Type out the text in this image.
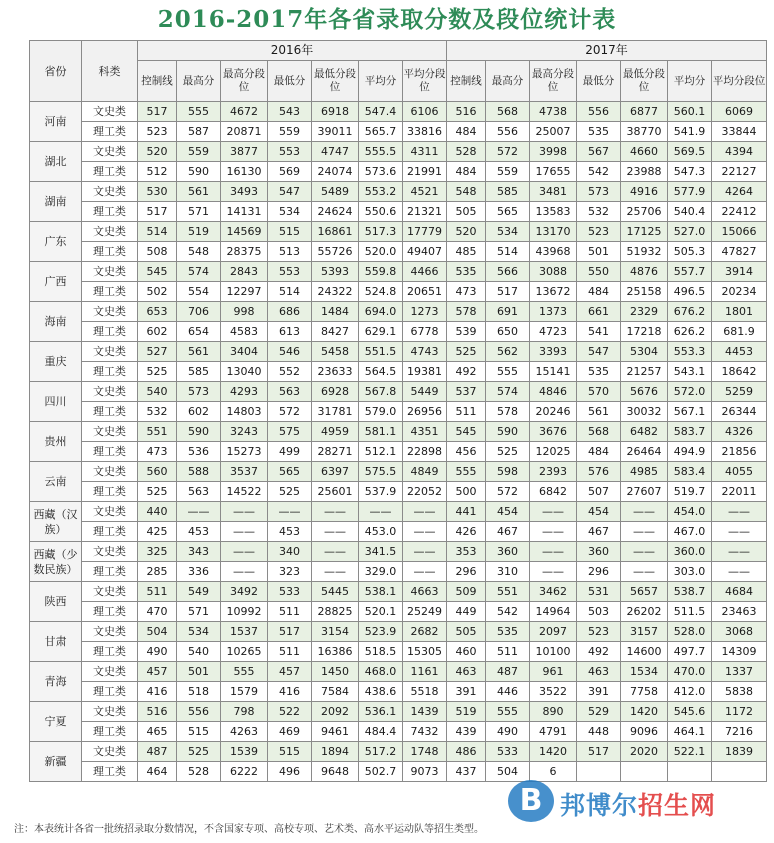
2016-2017年各省录取分数及段位统计表
省份	科类	2016年							2017年						
		控制线	最高分	最高分段位	最低分	最低分段位	平均分	平均分段位	控制线	最高分	最高分段位	最低分	最低分段位	平均分	平均分段位
河南	文史类	517	555	4672	543	6918	547.4	6106	516	568	4738	556	6877	560.1	6069
	理工类	523	587	20871	559	39011	565.7	33816	484	556	25007	535	38770	541.9	33844
湖北	文史类	520	559	3877	553	4747	555.5	4311	528	572	3998	567	4660	569.5	4394
	理工类	512	590	16130	569	24074	573.6	21991	484	559	17655	542	23988	547.3	22127
湖南	文史类	530	561	3493	547	5489	553.2	4521	548	585	3481	573	4916	577.9	4264
	理工类	517	571	14131	534	24624	550.6	21321	505	565	13583	532	25706	540.4	22412
广东	文史类	514	519	14569	515	16861	517.3	17779	520	534	13170	523	17125	527.0	15066
	理工类	508	548	28375	513	55726	520.0	49407	485	514	43968	501	51932	505.3	47827
广西	文史类	545	574	2843	553	5393	559.8	4466	535	566	3088	550	4876	557.7	3914
	理工类	502	554	12297	514	24322	524.8	20651	473	517	13672	484	25158	496.5	20234
海南	文史类	653	706	998	686	1484	694.0	1273	578	691	1373	661	2329	676.2	1801
	理工类	602	654	4583	613	8427	629.1	6778	539	650	4723	541	17218	626.2	681.9
重庆	文史类	527	561	3404	546	5458	551.5	4743	525	562	3393	547	5304	553.3	4453
	理工类	525	585	13040	552	23633	564.5	19381	492	555	15141	535	21257	543.1	18642
四川	文史类	540	573	4293	563	6928	567.8	5449	537	574	4846	570	5676	572.0	5259
	理工类	532	602	14803	572	31781	579.0	26956	511	578	20246	561	30032	567.1	26344
贵州	文史类	551	590	3243	575	4959	581.1	4351	545	590	3676	568	6482	583.7	4326
	理工类	473	536	15273	499	28271	512.1	22898	456	525	12025	484	26464	494.9	21856
云南	文史类	560	588	3537	565	6397	575.5	4849	555	598	2393	576	4985	583.4	4055
	理工类	525	563	14522	525	25601	537.9	22052	500	572	6842	507	27607	519.7	22011
西藏（汉族）	文史类	440	——	——	——	——	——	——	441	454	——	454	——	454.0	——
	理工类	425	453	——	453	——	453.0	——	426	467	——	467	——	467.0	——
西藏（少数民族）	文史类	325	343	——	340	——	341.5	——	353	360	——	360	——	360.0	——
	理工类	285	336	——	323	——	329.0	——	296	310	——	296	——	303.0	——
陕西	文史类	511	549	3492	533	5445	538.1	4663	509	551	3462	531	5657	538.7	4684
	理工类	470	571	10992	511	28825	520.1	25249	449	542	14964	503	26202	511.5	23463
甘肃	文史类	504	534	1537	517	3154	523.9	2682	505	535	2097	523	3157	528.0	3068
	理工类	490	540	10265	511	16386	518.5	15305	460	511	10100	492	14600	497.7	14309
青海	文史类	457	501	555	457	1450	468.0	1161	463	487	961	463	1534	470.0	1337
	理工类	416	518	1579	416	7584	438.6	5518	391	446	3522	391	7758	412.0	5838
宁夏	文史类	516	556	798	522	2092	536.1	1439	519	555	890	529	1420	545.6	1172
	理工类	465	515	4263	469	9461	484.4	7432	439	490	4791	448	9096	464.1	7216
新疆	文史类	487	525	1539	515	1894	517.2	1748	486	533	1420	517	2020	522.1	1839
	理工类	464	528	6222	496	9648	502.7	9073	437	504	6				
注：本表统计各省一批统招录取分数情况，不含国家专项、高校专项、艺术类、高水平运动队等招生类型。
B 邦博尔招生网
